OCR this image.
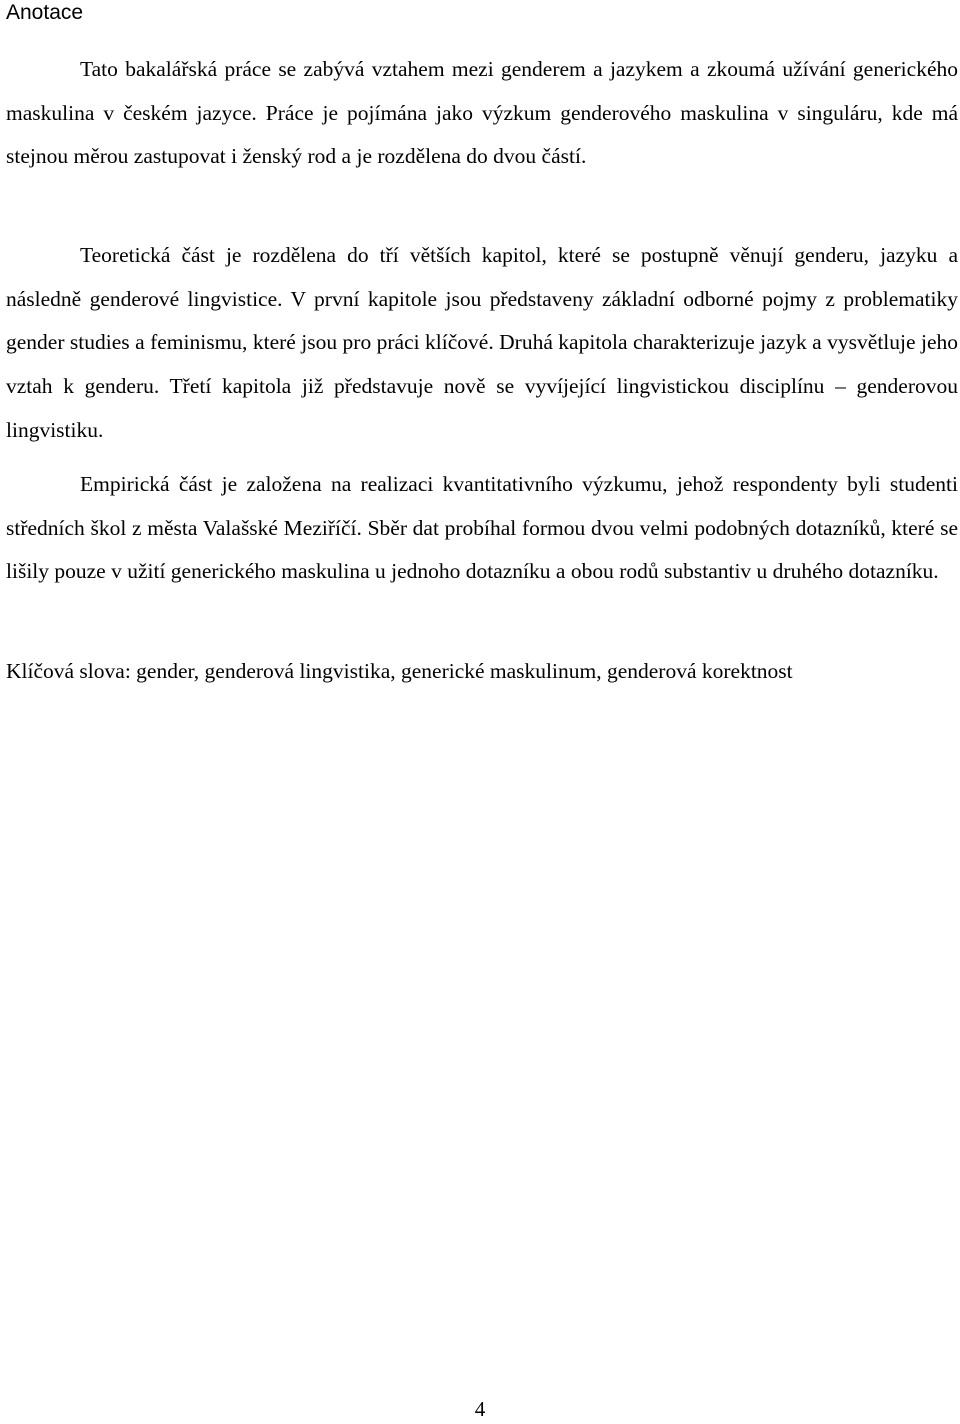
Anotace

Tato bakalářská práce se zabývá vztahem mezi genderem a jazykem a zkoumá užívání generického maskulina v českém jazyce. Práce je pojímána jako výzkum genderového maskulina v singuláru, kde má stejnou měrou zastupovat i ženský rod a je rozdělena do dvou částí.

Teoretická část je rozdělena do tří větších kapitol, které se postupně věnují genderu, jazyku a následně genderové lingvistice. V první kapitole jsou představeny základní odborné pojmy z problematiky gender studies a feminismu, které jsou pro práci klíčové. Druhá kapitola charakterizuje jazyk a vysvětluje jeho vztah k genderu. Třetí kapitola již představuje nově se vyvíjející lingvistickou disciplínu – genderovou lingvistiku.

Empirická část je založena na realizaci kvantitativního výzkumu, jehož respondenty byli studenti středních škol z města Valašské Meziříčí. Sběr dat probíhal formou dvou velmi podobných dotazníků, které se lišily pouze v užití generického maskulina u jednoho dotazníku a obou rodů substantiv u druhého dotazníku.

Klíčová slova: gender, genderová lingvistika, generické maskulinum, genderová korektnost

4
